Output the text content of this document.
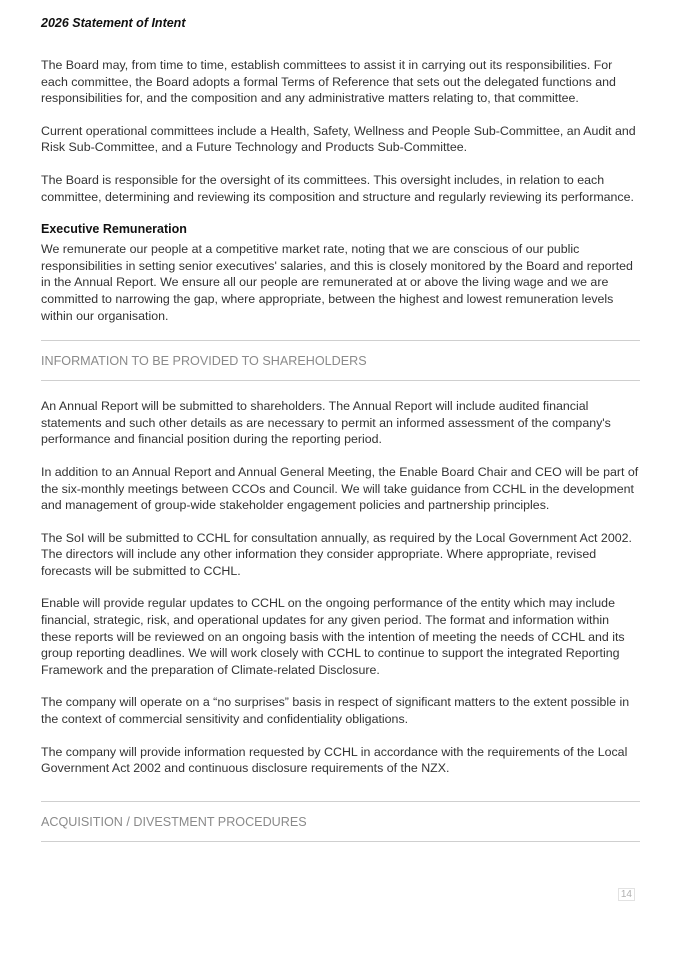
2026 Statement of Intent

The Board may, from time to time, establish committees to assist it in carrying out its responsibilities. For each committee, the Board adopts a formal Terms of Reference that sets out the delegated functions and responsibilities for, and the composition and any administrative matters relating to, that committee.

Current operational committees include a Health, Safety, Wellness and People Sub-Committee, an Audit and Risk Sub-Committee, and a Future Technology and Products Sub-Committee.

The Board is responsible for the oversight of its committees. This oversight includes, in relation to each committee, determining and reviewing its composition and structure and regularly reviewing its performance.

Executive Remuneration

We remunerate our people at a competitive market rate, noting that we are conscious of our public responsibilities in setting senior executives' salaries, and this is closely monitored by the Board and reported in the Annual Report. We ensure all our people are remunerated at or above the living wage and we are committed to narrowing the gap, where appropriate, between the highest and lowest remuneration levels within our organisation.

INFORMATION TO BE PROVIDED TO SHAREHOLDERS

An Annual Report will be submitted to shareholders. The Annual Report will include audited financial statements and such other details as are necessary to permit an informed assessment of the company's performance and financial position during the reporting period.

In addition to an Annual Report and Annual General Meeting, the Enable Board Chair and CEO will be part of the six-monthly meetings between CCOs and Council. We will take guidance from CCHL in the development and management of group-wide stakeholder engagement policies and partnership principles.

The SoI will be submitted to CCHL for consultation annually, as required by the Local Government Act 2002. The directors will include any other information they consider appropriate. Where appropriate, revised forecasts will be submitted to CCHL.

Enable will provide regular updates to CCHL on the ongoing performance of the entity which may include financial, strategic, risk, and operational updates for any given period. The format and information within these reports will be reviewed on an ongoing basis with the intention of meeting the needs of CCHL and its group reporting deadlines. We will work closely with CCHL to continue to support the integrated Reporting Framework and the preparation of Climate-related Disclosure.

The company will operate on a “no surprises” basis in respect of significant matters to the extent possible in the context of commercial sensitivity and confidentiality obligations.

The company will provide information requested by CCHL in accordance with the requirements of the Local Government Act 2002 and continuous disclosure requirements of the NZX.

ACQUISITION / DIVESTMENT PROCEDURES
14
